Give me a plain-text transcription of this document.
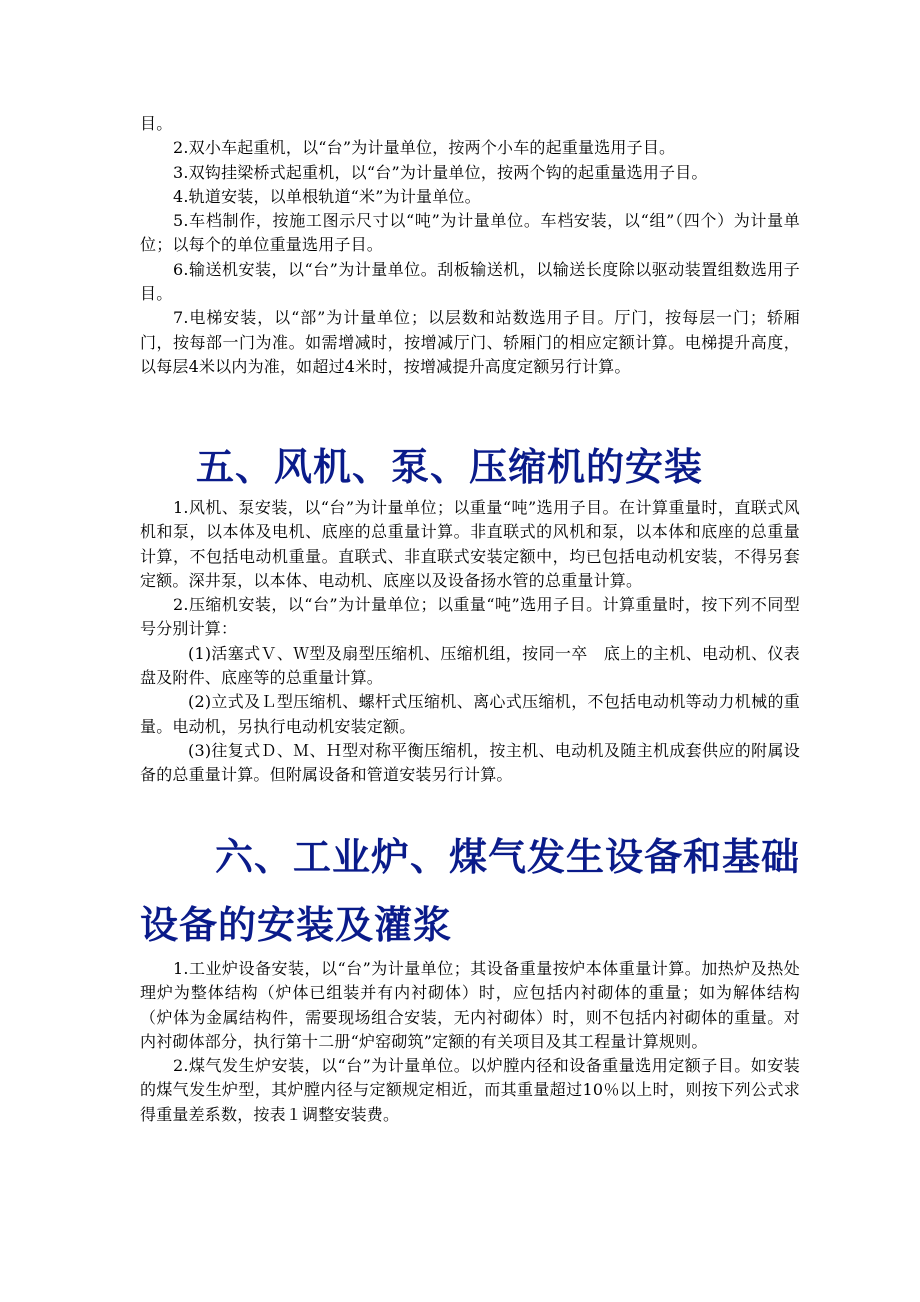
目。
2.双小车起重机，以“台”为计量单位，按两个小车的起重量选用子目。
3.双钩挂梁桥式起重机，以“台”为计量单位，按两个钩的起重量选用子目。
4.轨道安装，以单根轨道“米”为计量单位。
5.车档制作，按施工图示尺寸以“吨”为计量单位。车档安装，以“组”（四个）为计量单位；以每个的单位重量选用子目。
6.输送机安装，以“台”为计量单位。刮板输送机，以输送长度除以驱动装置组数选用子目。
7.电梯安装，以“部”为计量单位；以层数和站数选用子目。厅门，按每层一门；轿厢门，按每部一门为准。如需增减时，按增减厅门、轿厢门的相应定额计算。电梯提升高度，以每层4米以内为准，如超过4米时，按增减提升高度定额另行计算。
五、风机、泵、压缩机的安装
1.风机、泵安装，以“台”为计量单位；以重量“吨”选用子目。在计算重量时，直联式风机和泵，以本体及电机、底座的总重量计算。非直联式的风机和泵，以本体和底座的总重量计算，不包括电动机重量。直联式、非直联式安装定额中，均已包括电动机安装，不得另套定额。深井泵，以本体、电动机、底座以及设备扬水管的总重量计算。
2.压缩机安装，以“台”为计量单位；以重量“吨”选用子目。计算重量时，按下列不同型号分别计算：
(1)活塞式Ｖ、Ｗ型及扇型压缩机、压缩机组，按同一卒　底上的主机、电动机、仪表盘及附件、底座等的总重量计算。
(2)立式及Ｌ型压缩机、螺杆式压缩机、离心式压缩机，不包括电动机等动力机械的重量。电动机，另执行电动机安装定额。
(3)往复式Ｄ、Ｍ、Ｈ型对称平衡压缩机，按主机、电动机及随主机成套供应的附属设备的总重量计算。但附属设备和管道安装另行计算。
六、工业炉、煤气发生设备和基础
设备的安装及灌浆
1.工业炉设备安装，以“台”为计量单位；其设备重量按炉本体重量计算。加热炉及热处理炉为整体结构（炉体已组装并有内衬砌体）时，应包括内衬砌体的重量；如为解体结构（炉体为金属结构件，需要现场组合安装，无内衬砌体）时，则不包括内衬砌体的重量。对内衬砌体部分，执行第十二册“炉窑砌筑”定额的有关项目及其工程量计算规则。
2.煤气发生炉安装，以“台”为计量单位。以炉膛内径和设备重量选用定额子目。如安装的煤气发生炉型，其炉膛内径与定额规定相近，而其重量超过10％以上时，则按下列公式求得重量差系数，按表１调整安装费。
